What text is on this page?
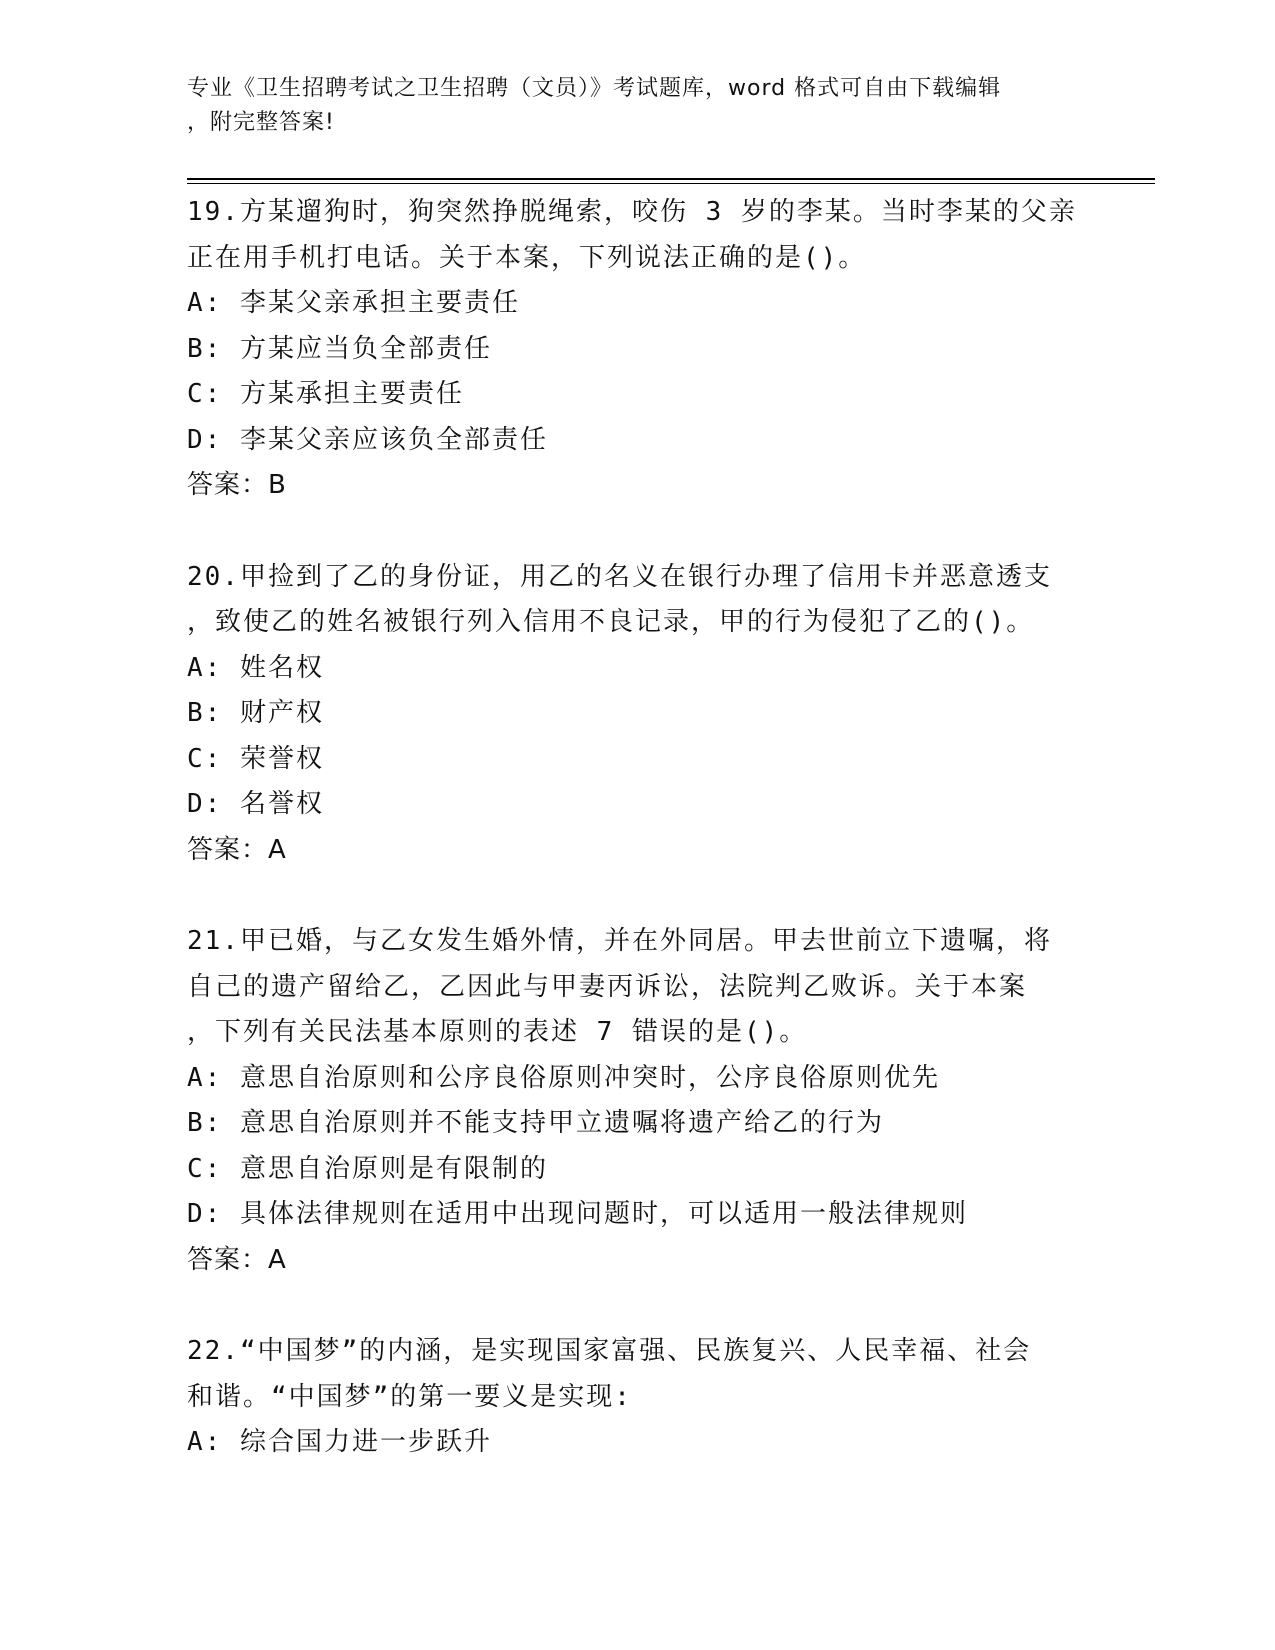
专业《卫生招聘考试之卫生招聘（文员）》考试题库，word 格式可自由下载编辑

，附完整答案!

19.方某遛狗时，狗突然挣脱绳索，咬伤 3 岁的李某。当时李某的父亲

正在用手机打电话。关于本案，下列说法正确的是()。

A: 李某父亲承担主要责任

B: 方某应当负全部责任

C: 方某承担主要责任

D: 李某父亲应该负全部责任

答案：B

20.甲捡到了乙的身份证，用乙的名义在银行办理了信用卡并恶意透支

，致使乙的姓名被银行列入信用不良记录，甲的行为侵犯了乙的()。

A: 姓名权

B: 财产权

C: 荣誉权

D: 名誉权

答案：A

21.甲已婚，与乙女发生婚外情，并在外同居。甲去世前立下遗嘱，将

自己的遗产留给乙，乙因此与甲妻丙诉讼，法院判乙败诉。关于本案

，下列有关民法基本原则的表述 7 错误的是()。

A: 意思自治原则和公序良俗原则冲突时，公序良俗原则优先

B: 意思自治原则并不能支持甲立遗嘱将遗产给乙的行为

C: 意思自治原则是有限制的

D: 具体法律规则在适用中出现问题时，可以适用一般法律规则

答案：A

22.“中国梦”的内涵，是实现国家富强、民族复兴、人民幸福、社会

和谐。“中国梦”的第一要义是实现:

A: 综合国力进一步跃升
